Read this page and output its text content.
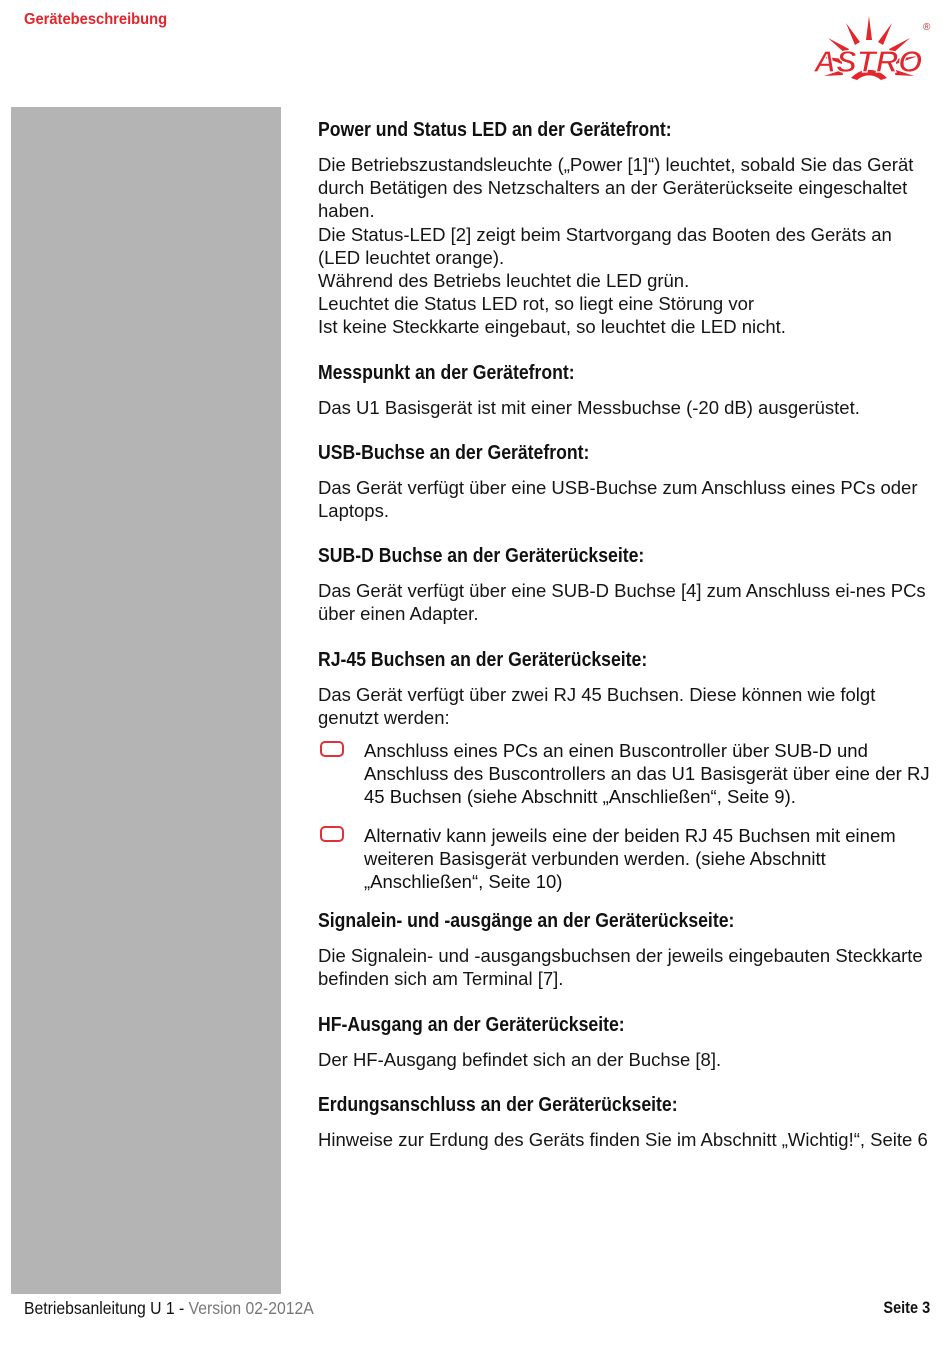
Gerätebeschreibung
ASTRO
®
Power und Status LED an der Gerätefront:

Die Betriebszustandsleuchte („Power [1]“) leuchtet, sobald Sie das Gerät durch Betätigen des Netzschalters an der Geräterückseite eingeschaltet haben.
Die Status-LED [2] zeigt beim Startvorgang das Booten des Geräts an (LED leuchtet orange).
Während des Betriebs leuchtet die LED grün.
Leuchtet die Status LED rot, so liegt eine Störung vor
Ist keine Steckkarte eingebaut, so leuchtet die LED nicht.

Messpunkt an der Gerätefront:

Das U1 Basisgerät ist mit einer Messbuchse (-20 dB) ausgerüstet.

USB-Buchse an der Gerätefront:

Das Gerät verfügt über eine USB-Buchse zum Anschluss eines PCs oder Laptops.

SUB-D Buchse an der Geräterückseite:

Das Gerät verfügt über eine SUB-D Buchse [4] zum Anschluss ei-nes PCs über einen Adapter.

RJ-45 Buchsen an der Geräterückseite:

Das Gerät verfügt über zwei RJ 45 Buchsen. Diese können wie folgt genutzt werden:

Anschluss eines PCs an einen Buscontroller über SUB-D und Anschluss des Buscontrollers an das U1 Basisgerät über eine der RJ 45 Buchsen (siehe Abschnitt „Anschließen“, Seite 9).
Alternativ kann jeweils eine der beiden RJ 45 Buchsen mit einem weiteren Basisgerät verbunden werden. (siehe Abschnitt „Anschließen“, Seite 10)
Signalein- und -ausgänge an der Geräterückseite:

Die Signalein- und -ausgangsbuchsen der jeweils eingebauten Steckkarte befinden sich am Terminal [7].

HF-Ausgang an der Geräterückseite:

Der HF-Ausgang befindet sich an der Buchse [8].

Erdungsanschluss an der Geräterückseite:

Hinweise zur Erdung des Geräts finden Sie im Abschnitt „Wichtig!“, Seite 6

Betriebsanleitung U 1 - Version 02-2012A	Seite 3
